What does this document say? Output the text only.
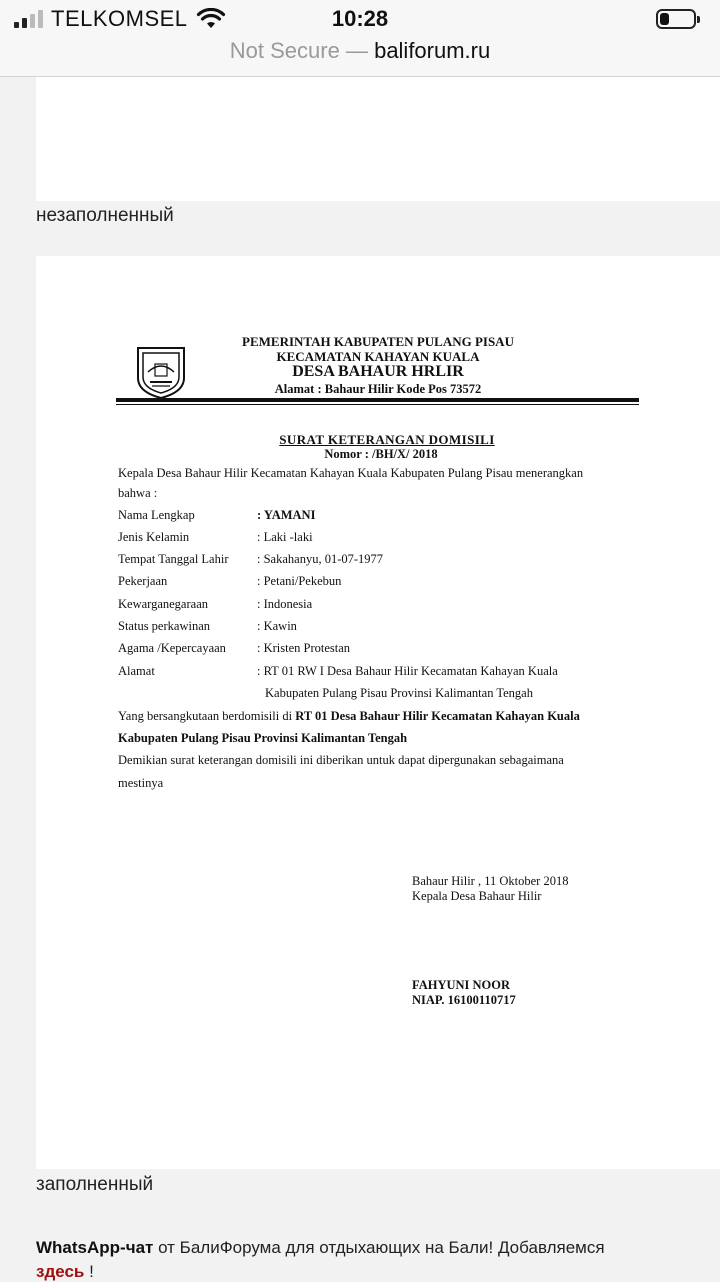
TELKOMSEL	10:28
Not Secure — baliforum.ru
незаполненный
PEMERINTAH KABUPATEN PULANG PISAU
KECAMATAN KAHAYAN KUALA
DESA BAHAUR HRLIR
Alamat : Bahaur Hilir Kode Pos 73572
SURAT KETERANGAN DOMISILI
Nomor : /BH/X/ 2018
Kepala Desa Bahaur Hilir Kecamatan Kahayan Kuala Kabupaten Pulang Pisau menerangkan
bahwa :
Nama Lengkap	: YAMANI
Jenis Kelamin	: Laki -laki
Tempat Tanggal Lahir : Sakahanyu, 01-07-1977
Pekerjaan	: Petani/Pekebun
Kewarganegaraan	: Indonesia
Status perkawinan	: Kawin
Agama /Kepercayaan : Kristen Protestan
Alamat	: RT 01 RW I Desa Bahaur Hilir Kecamatan Kahayan Kuala
Kabupaten Pulang Pisau Provinsi Kalimantan Tengah
Yang bersangkutaan berdomisili di RT 01 Desa Bahaur Hilir Kecamatan Kahayan Kuala
Kabupaten Pulang Pisau Provinsi Kalimantan Tengah
Demikian surat keterangan domisili ini diberikan untuk dapat dipergunakan sebagaimana
mestinya
Bahaur Hilir , 11 Oktober 2018
Kepala Desa Bahaur Hilir
FAHYUNI NOOR
NIAP. 16100110717
заполненный
WhatsApp-чат от БалиФорума для отдыхающих на Бали! Добавляемся
здесь !
